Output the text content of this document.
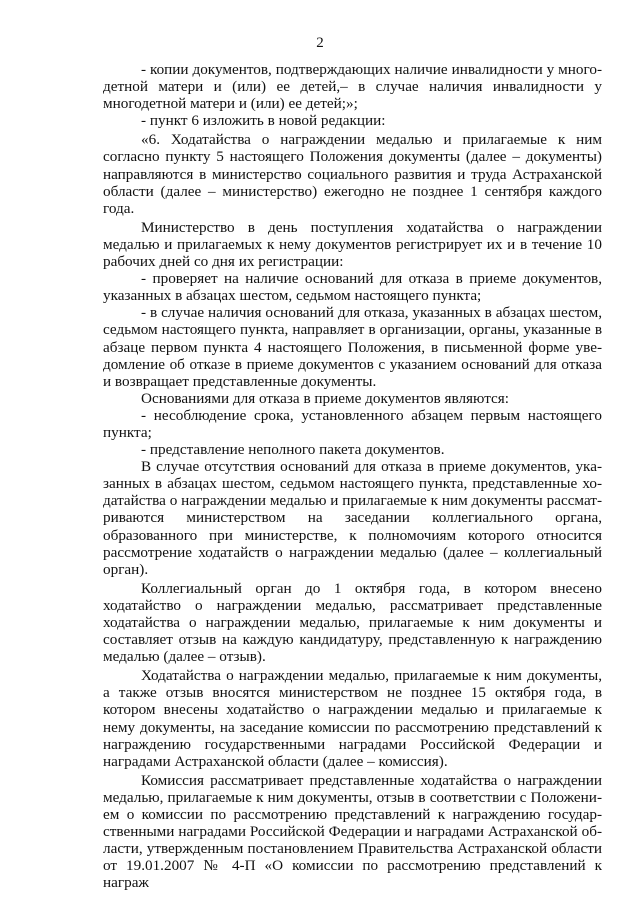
2

- копии документов, подтверждающих наличие инвалидности у многодетной матери и (или) ее детей,– в случае наличия инвалидности у многодетной матери и (или) ее детей;»;

- пункт 6 изложить в новой редакции:

«6. Ходатайства о награждении медалью и прилагаемые к ним согласно пункту 5 настоящего Положения документы (далее – документы) направляются в министерство социального развития и труда Астраханской области (далее – министерство) ежегодно не позднее 1 сентября каждого года.

Министерство в день поступления ходатайства о награждении медалью и прилагаемых к нему документов регистрирует их и в течение 10 рабочих дней со дня их регистрации:

- проверяет на наличие оснований для отказа в приеме документов, указанных в абзацах шестом, седьмом настоящего пункта;

- в случае наличия оснований для отказа, указанных в абзацах шестом, седьмом настоящего пункта, направляет в организации, органы, указанные в абзаце первом пункта 4 настоящего Положения, в письменной форме уведомление об отказе в приеме документов с указанием оснований для отказа и возвращает представленные документы.

Основаниями для отказа в приеме документов являются:

- несоблюдение срока, установленного абзацем первым настоящего пункта;

- представление неполного пакета документов.

В случае отсутствия оснований для отказа в приеме документов, указанных в абзацах шестом, седьмом настоящего пункта, представленные ходатайства о награждении медалью и прилагаемые к ним документы рассматриваются министерством на заседании коллегиального органа, образованного при министерстве, к полномочиям которого относится рассмотрение ходатайств о награждении медалью (далее – коллегиальный орган).

Коллегиальный орган до 1 октября года, в котором внесено ходатайство о награждении медалью, рассматривает представленные ходатайства о награждении медалью, прилагаемые к ним документы и составляет отзыв на каждую кандидатуру, представленную к награждению медалью (далее – отзыв).

Ходатайства о награждении медалью, прилагаемые к ним документы, а также отзыв вносятся министерством не позднее 15 октября года, в котором внесены ходатайство о награждении медалью и прилагаемые к нему документы, на заседание комиссии по рассмотрению представлений к награждению государственными наградами Российской Федерации и наградами Астраханской области (далее – комиссия).

Комиссия рассматривает представленные ходатайства о награждении медалью, прилагаемые к ним документы, отзыв в соответствии с Положением о комиссии по рассмотрению представлений к награждению государственными наградами Российской Федерации и наградами Астраханской области, утвержденным постановлением Правительства Астраханской области от 19.01.2007 № 4-П «О комиссии по рассмотрению представлений к награж
